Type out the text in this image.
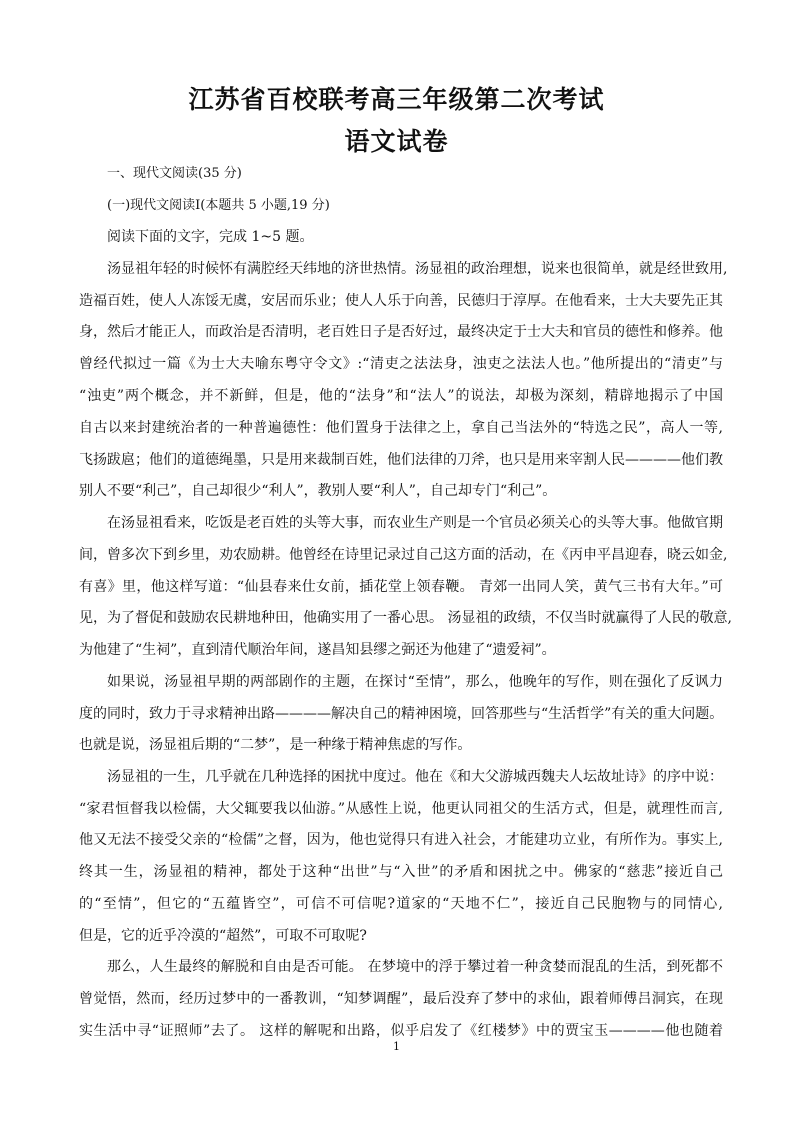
江苏省百校联考高三年级第二次考试
语文试卷
一、现代文阅读(35 分)
(一)现代文阅读Ⅰ(本题共 5 小题,19 分)
阅读下面的文字，完成 1~5 题。
汤显祖年轻的时候怀有满腔经天纬地的济世热情。汤显祖的政治理想，说来也很简单，就是经世致用,
造福百姓，使人人冻馁无虞，安居而乐业；使人人乐于向善，民德归于淳厚。在他看来，士大夫要先正其
身，然后才能正人，而政治是否清明，老百姓日子是否好过，最终决定于士大夫和官员的德性和修养。他
曾经代拟过一篇《为士大夫喻东粤守令文》:“清吏之法法身，浊吏之法法人也。”他所提出的“清吏”与
“浊吏”两个概念，并不新鲜，但是，他的“法身”和“法人”的说法，却极为深刻，精辟地揭示了中国
自古以来封建统治者的一种普遍德性：他们置身于法律之上，拿自己当法外的“特选之民”，高人一等,
飞扬跋扈；他们的道德绳墨，只是用来裁制百姓，他们法律的刀斧，也只是用来宰割人民————他们教
别人不要“利己”，自己却很少“利人”，教别人要“利人”，自己却专门“利己”。
在汤显祖看来，吃饭是老百姓的头等大事，而农业生产则是一个官员必须关心的头等大事。他做官期
间，曾多次下到乡里，劝农励耕。他曾经在诗里记录过自己这方面的活动，在《丙申平昌迎春，晓云如金,
有喜》里，他这样写道：“仙县春来仕女前，插花堂上领春鞭。 青郊一出同人笑，黄气三书有大年。”可
见，为了督促和鼓励农民耕地种田，他确实用了一番心思。 汤显祖的政绩，不仅当时就赢得了人民的敬意,
为他建了“生祠”，直到清代顺治年间，遂昌知县缪之弼还为他建了“遗爱祠”。
如果说，汤显祖早期的两部剧作的主题，在探讨“至情”，那么，他晚年的写作，则在强化了反讽力
度的同时，致力于寻求精神出路————解决自己的精神困境，回答那些与“生活哲学”有关的重大问题。
也就是说，汤显祖后期的“二梦”，是一种缘于精神焦虑的写作。
汤显祖的一生，几乎就在几种选择的困扰中度过。他在《和大父游城西魏夫人坛故址诗》的序中说：
“家君恒督我以检儒，大父辄要我以仙游。”从感性上说，他更认同祖父的生活方式，但是，就理性而言,
他又无法不接受父亲的“检儒”之督，因为，他也觉得只有进入社会，才能建功立业，有所作为。事实上,
终其一生，汤显祖的精神，都处于这种“出世”与“入世”的矛盾和困扰之中。佛家的“慈悲”接近自己
的“至情”，但它的“五蕴皆空”，可信不可信呢?道家的“天地不仁”，接近自己民胞物与的同情心,
但是，它的近乎冷漠的“超然”，可取不可取呢?
那么，人生最终的解脱和自由是否可能。 在梦境中的浮于攀过着一种贪婪而混乱的生活，到死都不
曾觉悟，然而，经历过梦中的一番教训，“知梦调醒”，最后没弃了梦中的求仙，跟着师傅吕洞宾，在现
实生活中寻“证照师”去了。 这样的解呢和出路，似乎启发了《红楼梦》中的贾宝玉————他也随着
1
